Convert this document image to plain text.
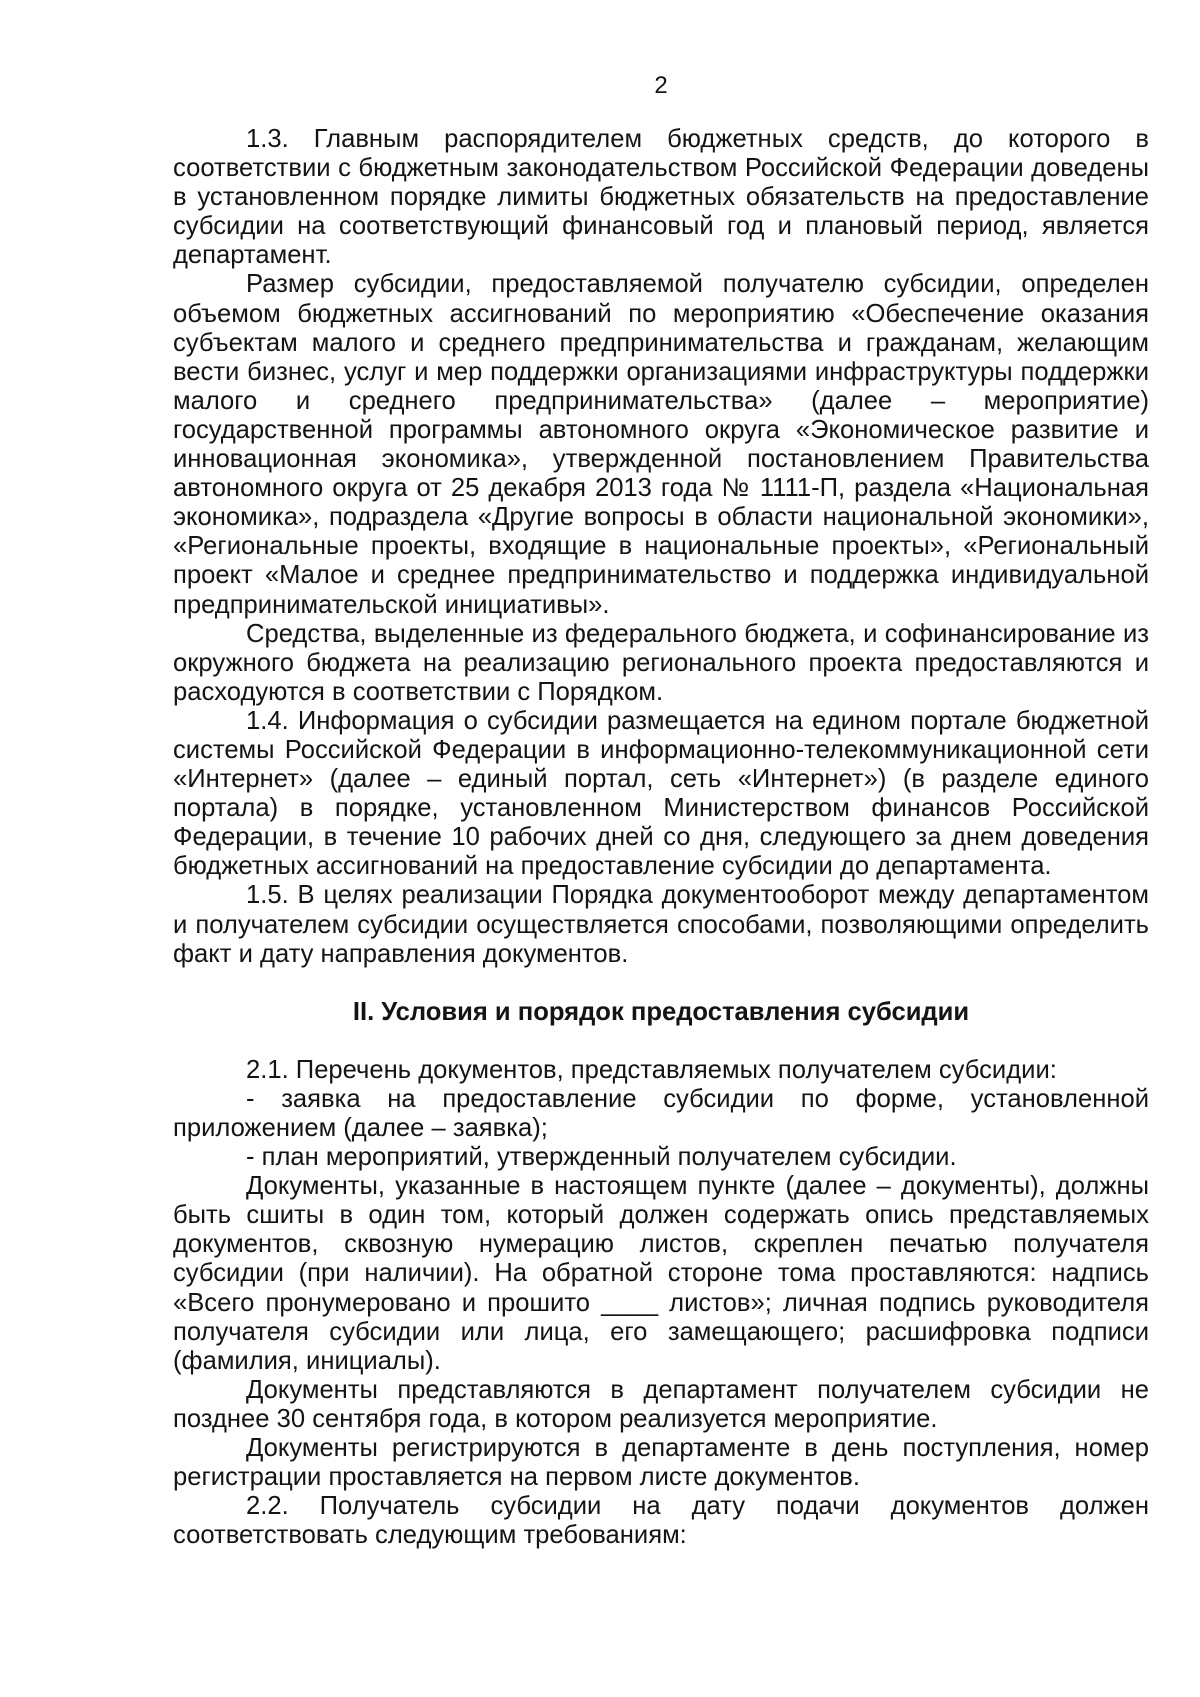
2

1.3. Главным распорядителем бюджетных средств, до которого в соответствии с бюджетным законодательством Российской Федерации доведены в установленном порядке лимиты бюджетных обязательств на предоставление субсидии на соответствующий финансовый год и плановый период, является департамент.

Размер субсидии, предоставляемой получателю субсидии, определен объемом бюджетных ассигнований по мероприятию «Обеспечение оказания субъектам малого и среднего предпринимательства и гражданам, желающим вести бизнес, услуг и мер поддержки организациями инфраструктуры поддержки малого и среднего предпринимательства» (далее – мероприятие) государственной программы автономного округа «Экономическое развитие и инновационная экономика», утвержденной постановлением Правительства автономного округа от 25 декабря 2013 года № 1111-П, раздела «Национальная экономика», подраздела «Другие вопросы в области национальной экономики», «Региональные проекты, входящие в национальные проекты», «Региональный проект «Малое и среднее предпринимательство и поддержка индивидуальной предпринимательской инициативы».

Средства, выделенные из федерального бюджета, и софинансирование из окружного бюджета на реализацию регионального проекта предоставляются и расходуются в соответствии с Порядком.

1.4. Информация о субсидии размещается на едином портале бюджетной системы Российской Федерации в информационно-телекоммуникационной сети «Интернет» (далее – единый портал, сеть «Интернет») (в разделе единого портала) в порядке, установленном Министерством финансов Российской Федерации, в течение 10 рабочих дней со дня, следующего за днем доведения бюджетных ассигнований на предоставление субсидии до департамента.

1.5. В целях реализации Порядка документооборот между департаментом и получателем субсидии осуществляется способами, позволяющими определить факт и дату направления документов.

II. Условия и порядок предоставления субсидии

2.1. Перечень документов, представляемых получателем субсидии:

- заявка на предоставление субсидии по форме, установленной приложением (далее – заявка);

- план мероприятий, утвержденный получателем субсидии.

Документы, указанные в настоящем пункте (далее – документы), должны быть сшиты в один том, который должен содержать опись представляемых документов, сквозную нумерацию листов, скреплен печатью получателя субсидии (при наличии). На обратной стороне тома проставляются: надпись «Всего пронумеровано и прошито ____ листов»; личная подпись руководителя получателя субсидии или лица, его замещающего; расшифровка подписи (фамилия, инициалы).

Документы представляются в департамент получателем субсидии не позднее 30 сентября года, в котором реализуется мероприятие.

Документы регистрируются в департаменте в день поступления, номер регистрации проставляется на первом листе документов.

2.2. Получатель субсидии на дату подачи документов должен соответствовать следующим требованиям:
